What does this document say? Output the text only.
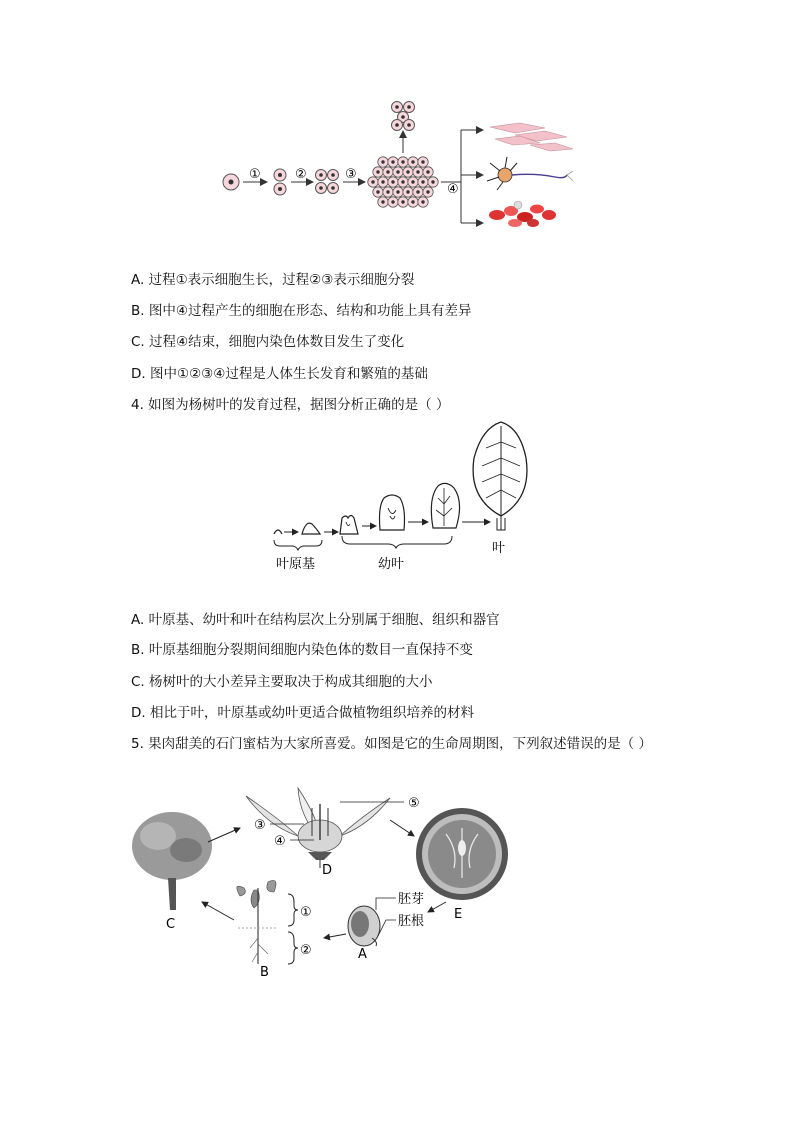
①	②	③
④
A. 过程①表示细胞生长，过程②③表示细胞分裂
B. 图中④过程产生的细胞在形态、结构和功能上具有差异
C. 过程④结束，细胞内染色体数目发生了变化
D. 图中①②③④过程是人体生长发育和繁殖的基础
4. 如图为杨树叶的发育过程，据图分析正确的是（ ）
叶原基	幼叶
叶
A. 叶原基、幼叶和叶在结构层次上分别属于细胞、组织和器官
B. 叶原基细胞分裂期间细胞内染色体的数目一直保持不变
C. 杨树叶的大小差异主要取决于构成其细胞的大小
D. 相比于叶，叶原基或幼叶更适合做植物组织培养的材料
5. 果肉甜美的石门蜜桔为大家所喜爱。如图是它的生命周期图，下列叙述错误的是（ ）
C
D
③
④
⑤
E
胚芽
胚根
A
①
②
B
